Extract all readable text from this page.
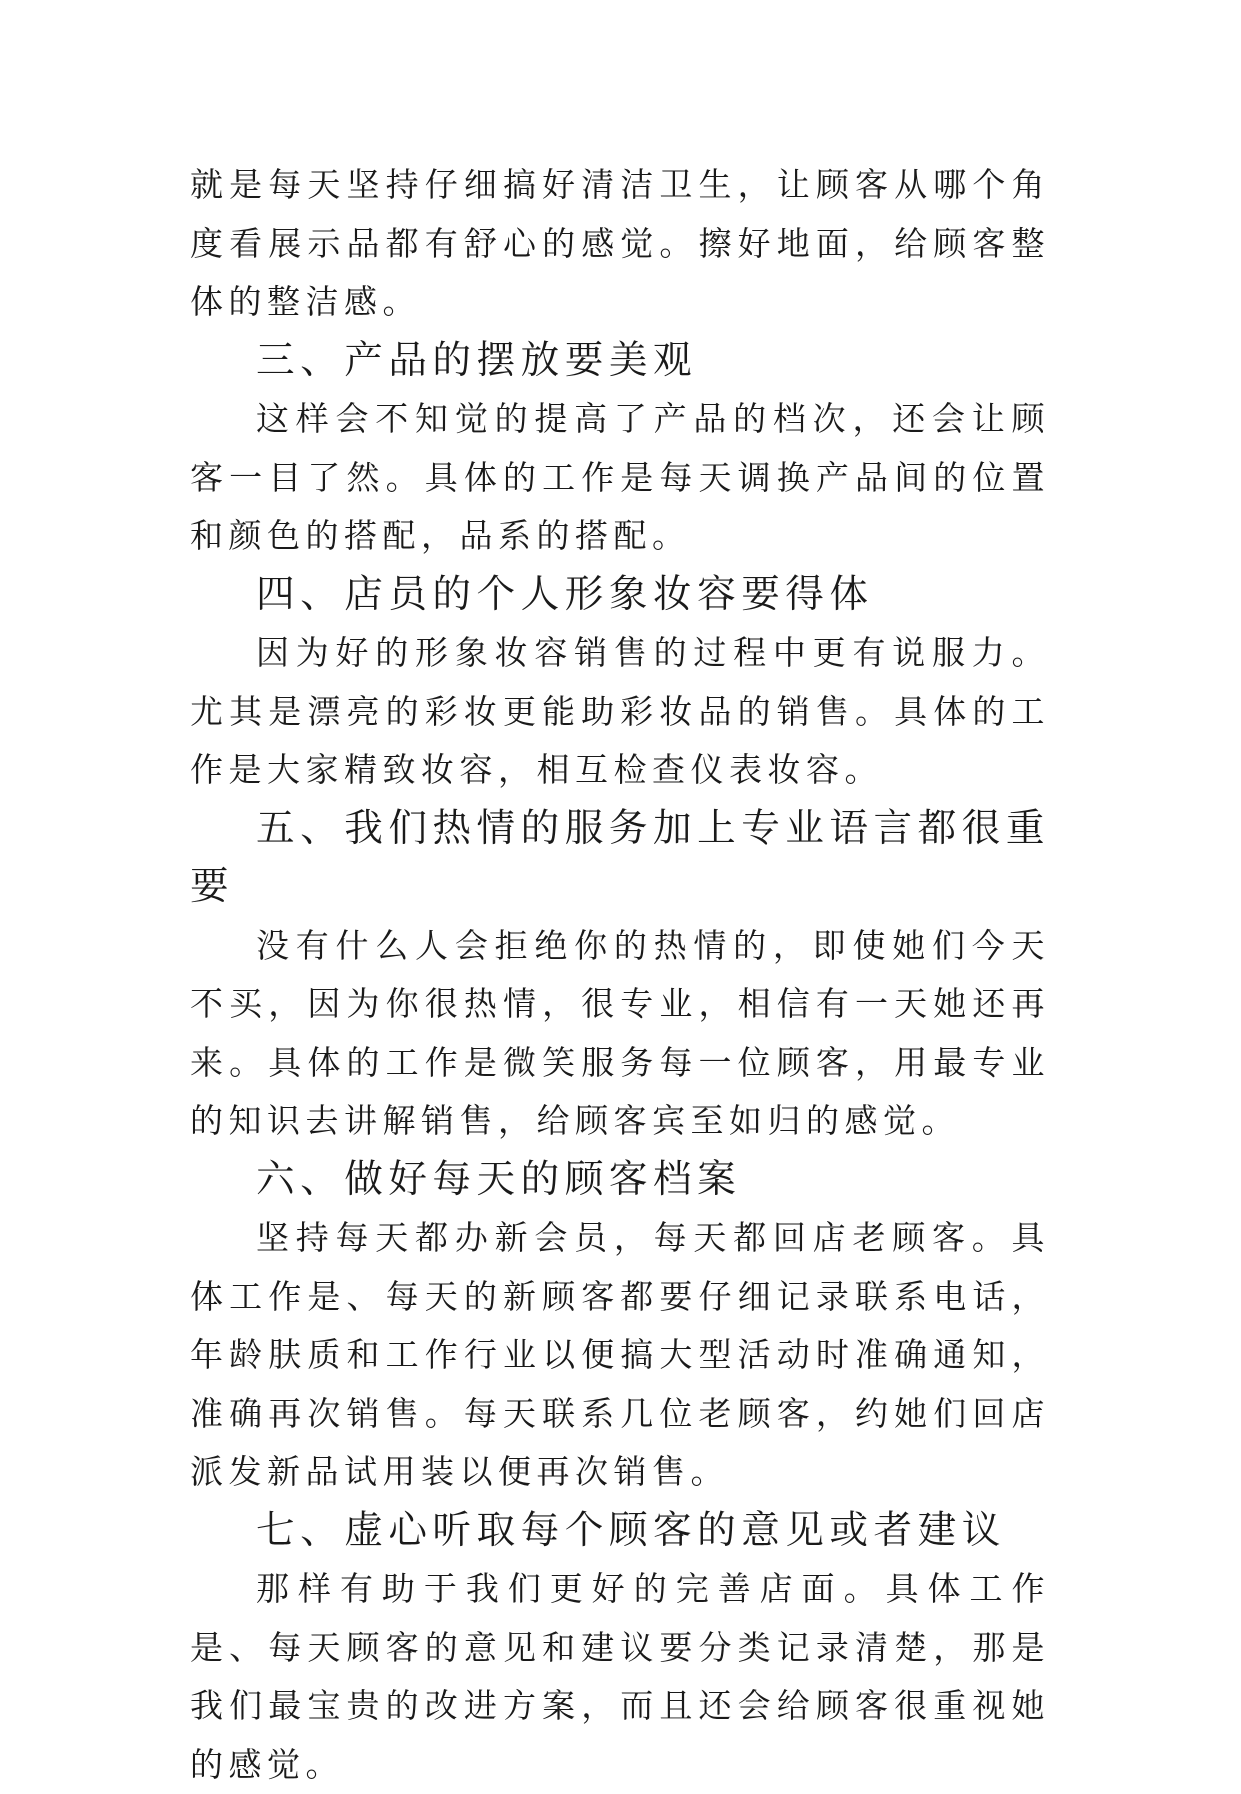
就是每天坚持仔细搞好清洁卫生，让顾客从哪个角度看展示品都有舒心的感觉。擦好地面，给顾客整体的整洁感。

三、产品的摆放要美观

这样会不知觉的提高了产品的档次，还会让顾客一目了然。具体的工作是每天调换产品间的位置和颜色的搭配，品系的搭配。

四、店员的个人形象妆容要得体

因为好的形象妆容销售的过程中更有说服力。尤其是漂亮的彩妆更能助彩妆品的销售。具体的工作是大家精致妆容，相互检查仪表妆容。

五、我们热情的服务加上专业语言都很重要

没有什么人会拒绝你的热情的，即使她们今天不买，因为你很热情，很专业，相信有一天她还再来。具体的工作是微笑服务每一位顾客，用最专业的知识去讲解销售，给顾客宾至如归的感觉。

六、做好每天的顾客档案

坚持每天都办新会员，每天都回店老顾客。具体工作是、每天的新顾客都要仔细记录联系电话，年龄肤质和工作行业以便搞大型活动时准确通知，准确再次销售。每天联系几位老顾客，约她们回店派发新品试用装以便再次销售。

七、虚心听取每个顾客的意见或者建议

那样有助于我们更好的完善店面。具体工作是、每天顾客的意见和建议要分类记录清楚，那是我们最宝贵的改进方案，而且还会给顾客很重视她的感觉。
